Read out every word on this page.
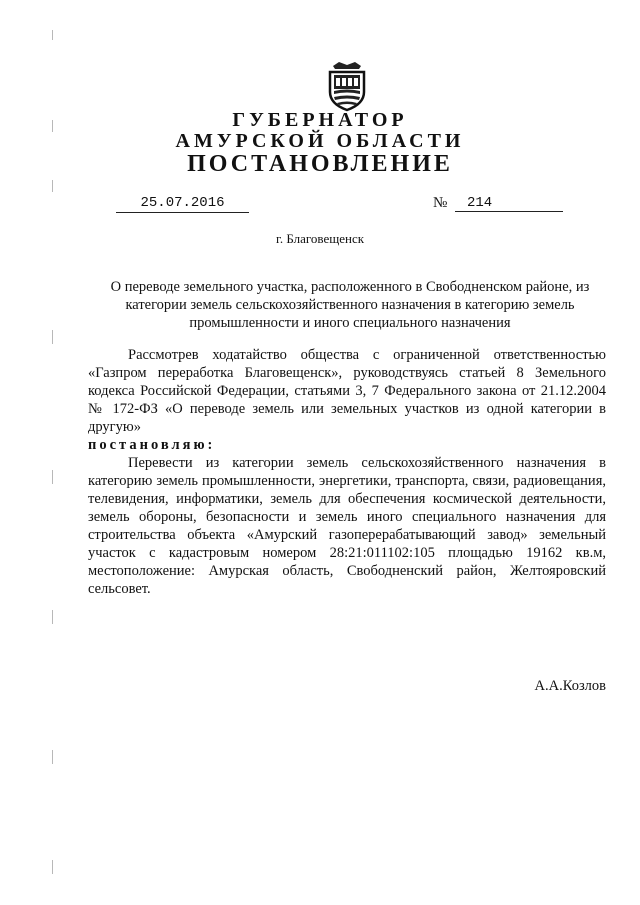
ГУБЕРНАТОР
АМУРСКОЙ ОБЛАСТИ
ПОСТАНОВЛЕНИЕ
25.07.2016	№	214
г. Благовещенск
О переводе земельного участка, расположенного в Свободненском районе, из категории земель сельскохозяйственного назначения в категорию земель промышленности и иного специального назначения

Рассмотрев ходатайство общества с ограниченной ответственностью «Газпром переработка Благовещенск», руководствуясь статьей 8 Земельного кодекса Российской Федерации, статьями 3, 7 Федерального закона от 21.12.2004 № 172-ФЗ «О переводе земель или земельных участков из одной категории в другую»

постановляю:

Перевести из категории земель сельскохозяйственного назначения в категорию земель промышленности, энергетики, транспорта, связи, радиовещания, телевидения, информатики, земель для обеспечения космической деятельности, земель обороны, безопасности и земель иного специального назначения для строительства объекта «Амурский газоперерабатывающий завод» земельный участок с кадастровым номером 28:21:011102:105 площадью 19162 кв.м, местоположение: Амурская область, Свободненский район, Желтояровский сельсовет.

А.А.Козлов
